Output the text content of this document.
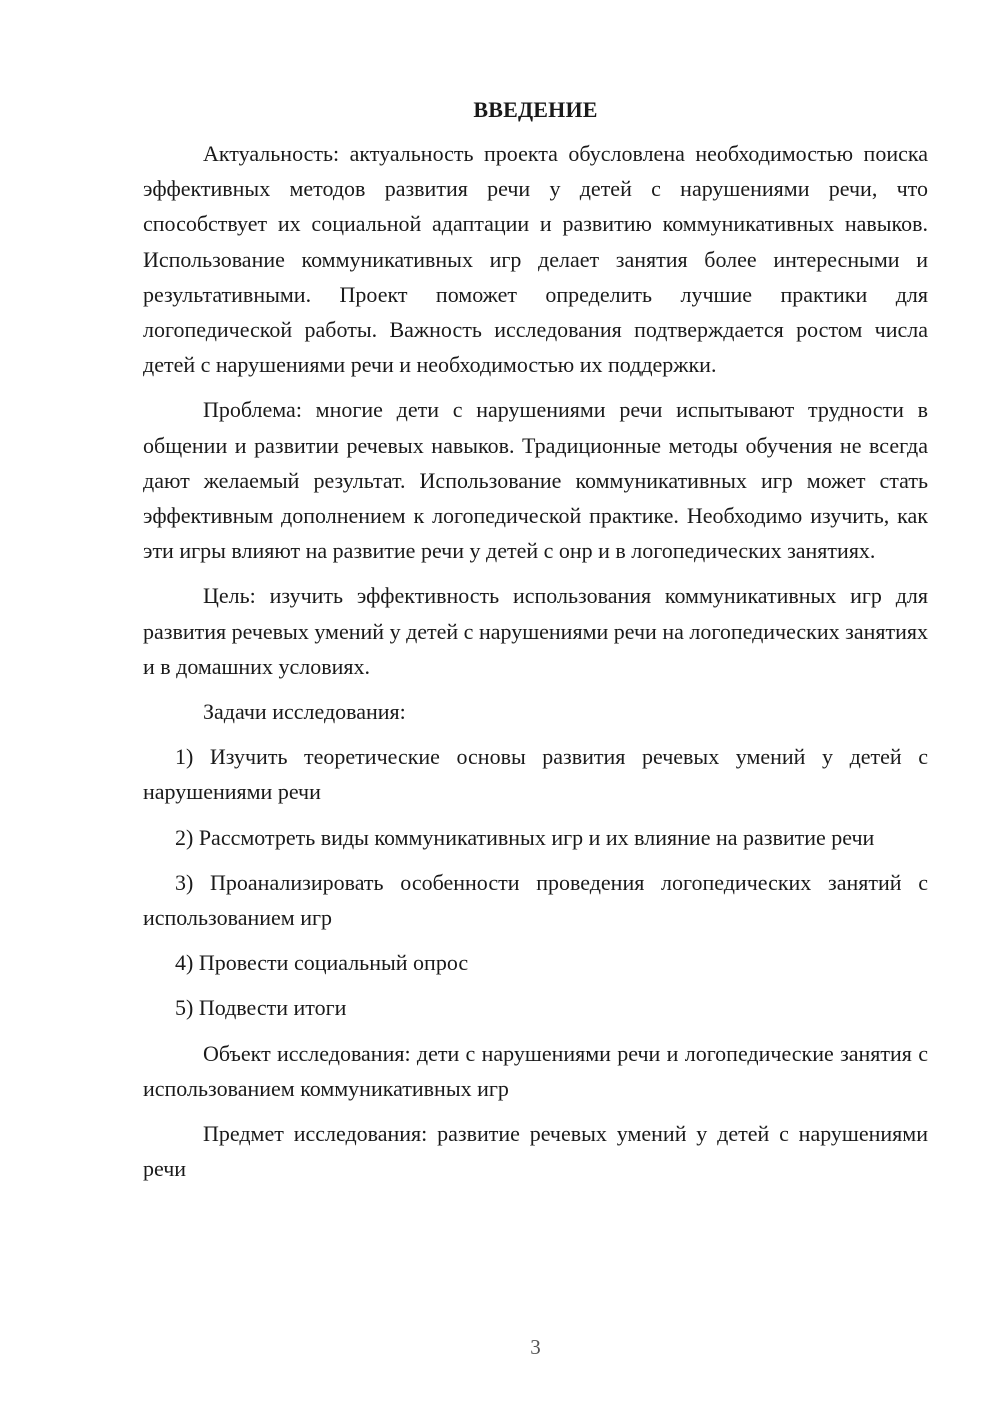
ВВЕДЕНИЕ

Актуальность: актуальность проекта обусловлена необходимостью поиска эффективных методов развития речи у детей с нарушениями речи, что способствует их социальной адаптации и развитию коммуникативных навыков. Использование коммуникативных игр делает занятия более интересными и результативными. Проект поможет определить лучшие практики для логопедической работы. Важность исследования подтверждается ростом числа детей с нарушениями речи и необходимостью их поддержки.

Проблема: многие дети с нарушениями речи испытывают трудности в общении и развитии речевых навыков. Традиционные методы обучения не всегда дают желаемый результат. Использование коммуникативных игр может стать эффективным дополнением к логопедической практике. Необходимо изучить, как эти игры влияют на развитие речи у детей с онр и в логопедических занятиях.

Цель: изучить эффективность использования коммуникативных игр для развития речевых умений у детей с нарушениями речи на логопедических занятиях и в домашних условиях.

Задачи исследования:

1) Изучить теоретические основы развития речевых умений у детей с нарушениями речи

2) Рассмотреть виды коммуникативных игр и их влияние на развитие речи

3) Проанализировать особенности проведения логопедических занятий с использованием игр

4) Провести социальный опрос

5) Подвести итоги

Объект исследования: дети с нарушениями речи и логопедические занятия с использованием коммуникативных игр

Предмет исследования: развитие речевых умений у детей с нарушениями речи

3
